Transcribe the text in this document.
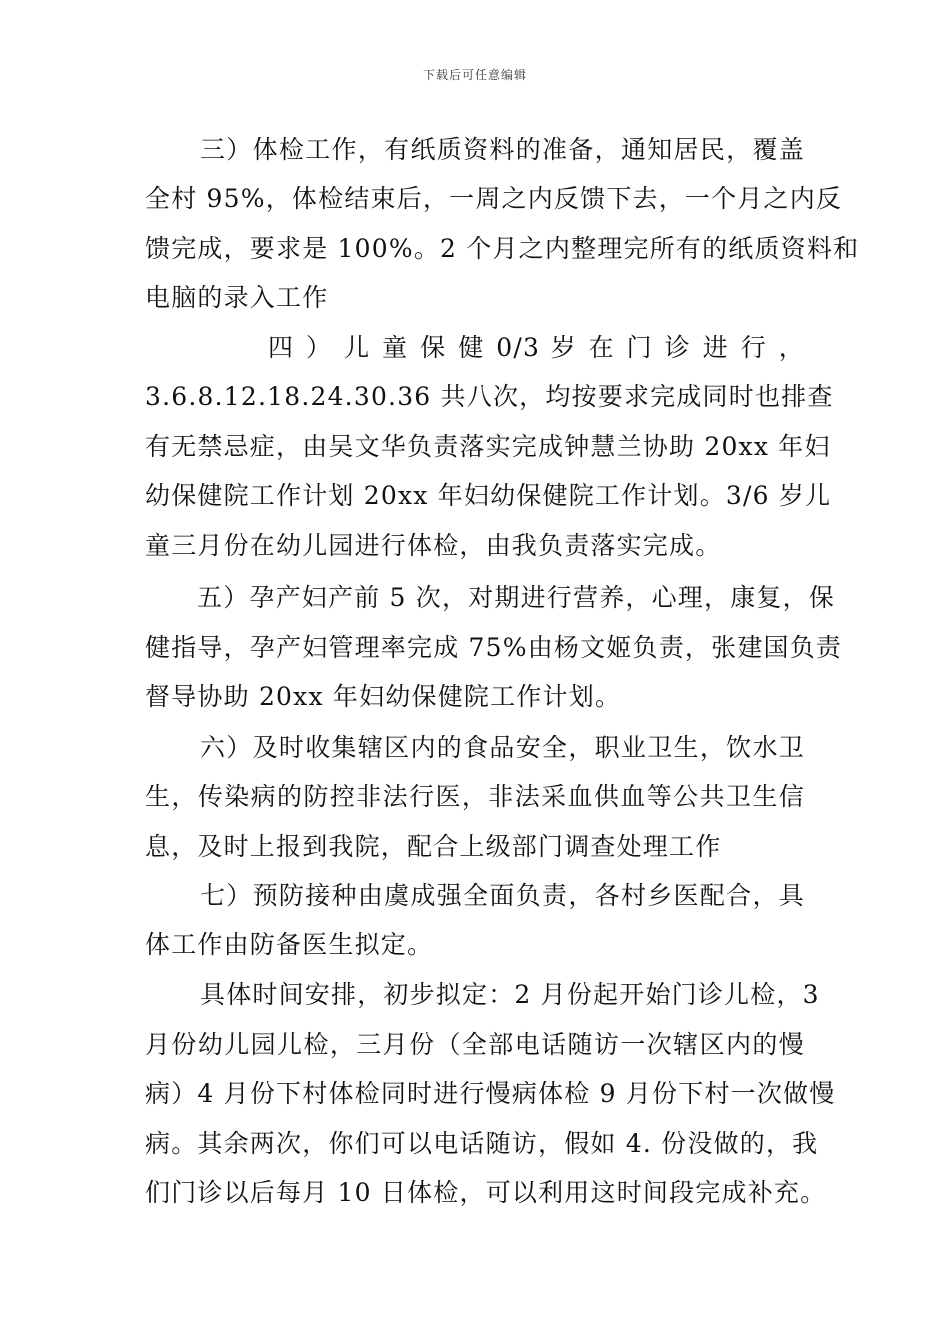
下载后可任意编辑
三）体检工作，有纸质资料的准备，通知居民，覆盖
全村 95%，体检结束后，一周之内反馈下去，一个月之内反
馈完成，要求是 100%。2 个月之内整理完所有的纸质资料和
电脑的录入工作
四 ） 儿 童 保 健 0/3 岁 在 门 诊 进 行 ，
3.6.8.12.18.24.30.36 共八次，均按要求完成同时也排查
有无禁忌症，由吴文华负责落实完成钟慧兰协助 20xx 年妇
幼保健院工作计划 20xx 年妇幼保健院工作计划。3/6 岁儿
童三月份在幼儿园进行体检，由我负责落实完成。
五）孕产妇产前 5 次，对期进行营养，心理，康复，保
健指导，孕产妇管理率完成 75%由杨文姬负责，张建国负责
督导协助 20xx 年妇幼保健院工作计划。
六）及时收集辖区内的食品安全，职业卫生，饮水卫
生，传染病的防控非法行医，非法采血供血等公共卫生信
息，及时上报到我院，配合上级部门调查处理工作
七）预防接种由虞成强全面负责，各村乡医配合，具
体工作由防备医生拟定。
具体时间安排，初步拟定：2 月份起开始门诊儿检，3
月份幼儿园儿检，三月份（全部电话随访一次辖区内的慢
病）4 月份下村体检同时进行慢病体检 9 月份下村一次做慢
病。其余两次，你们可以电话随访，假如 4. 份没做的，我
们门诊以后每月 10 日体检，可以利用这时间段完成补充。
